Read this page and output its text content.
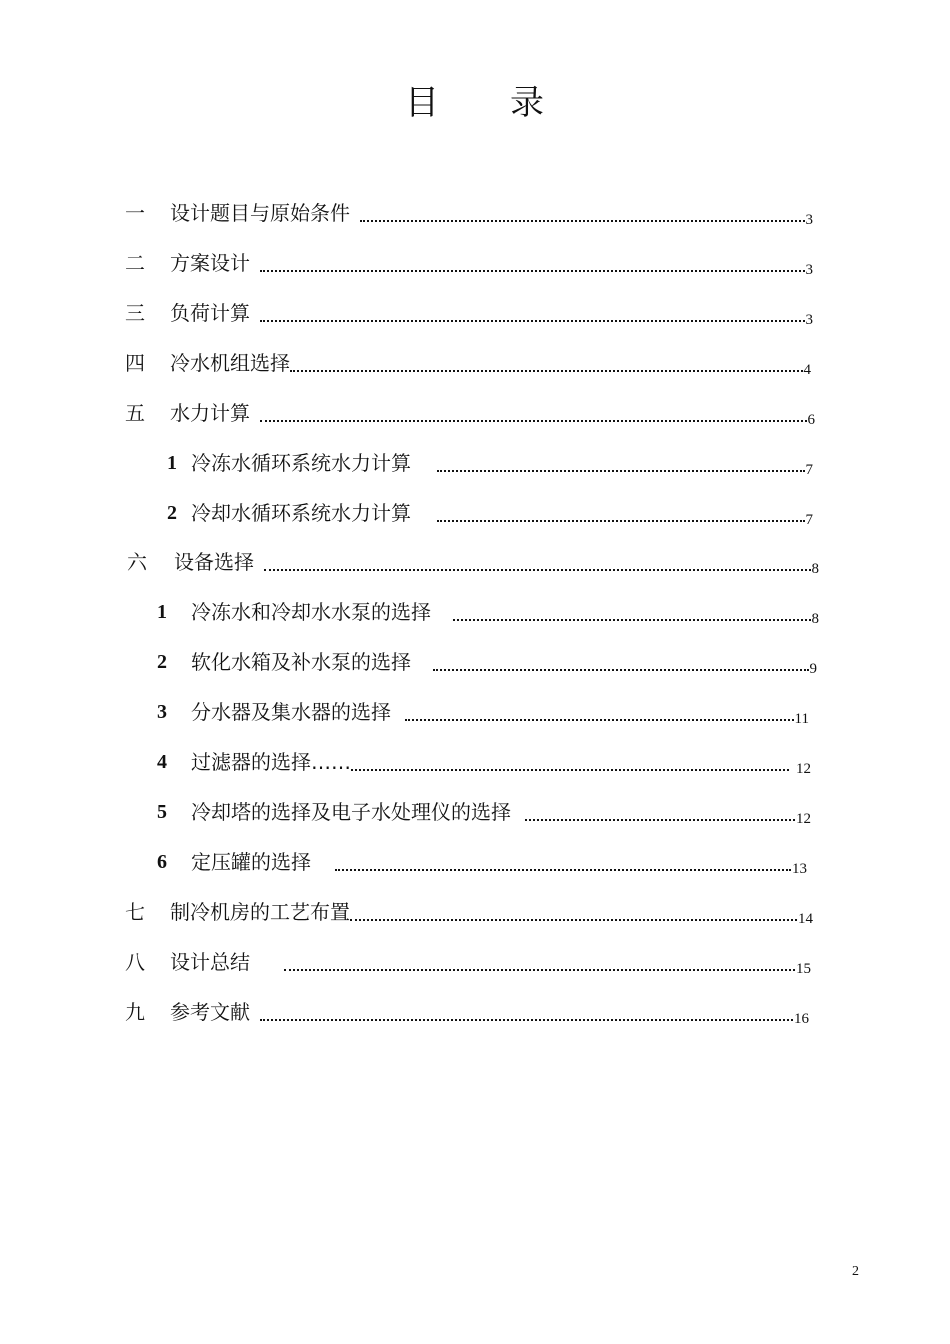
目 录
一	设计题目与原始条件	3
二	方案设计	3
三	负荷计算	3
四	冷水机组选择	4
五	水力计算	6
1 冷冻水循环系统水力计算	7
2 冷却水循环系统水力计算	7
六	设备选择	8
1	冷冻水和冷却水水泵的选择	8
2	软化水箱及补水泵的选择	9
3	分水器及集水器的选择	11
4	过滤器的选择……	12
5	冷却塔的选择及电子水处理仪的选择	12
6	定压罐的选择	13
七	制冷机房的工艺布置	14
八	设计总结	15
九	参考文献	16
2
